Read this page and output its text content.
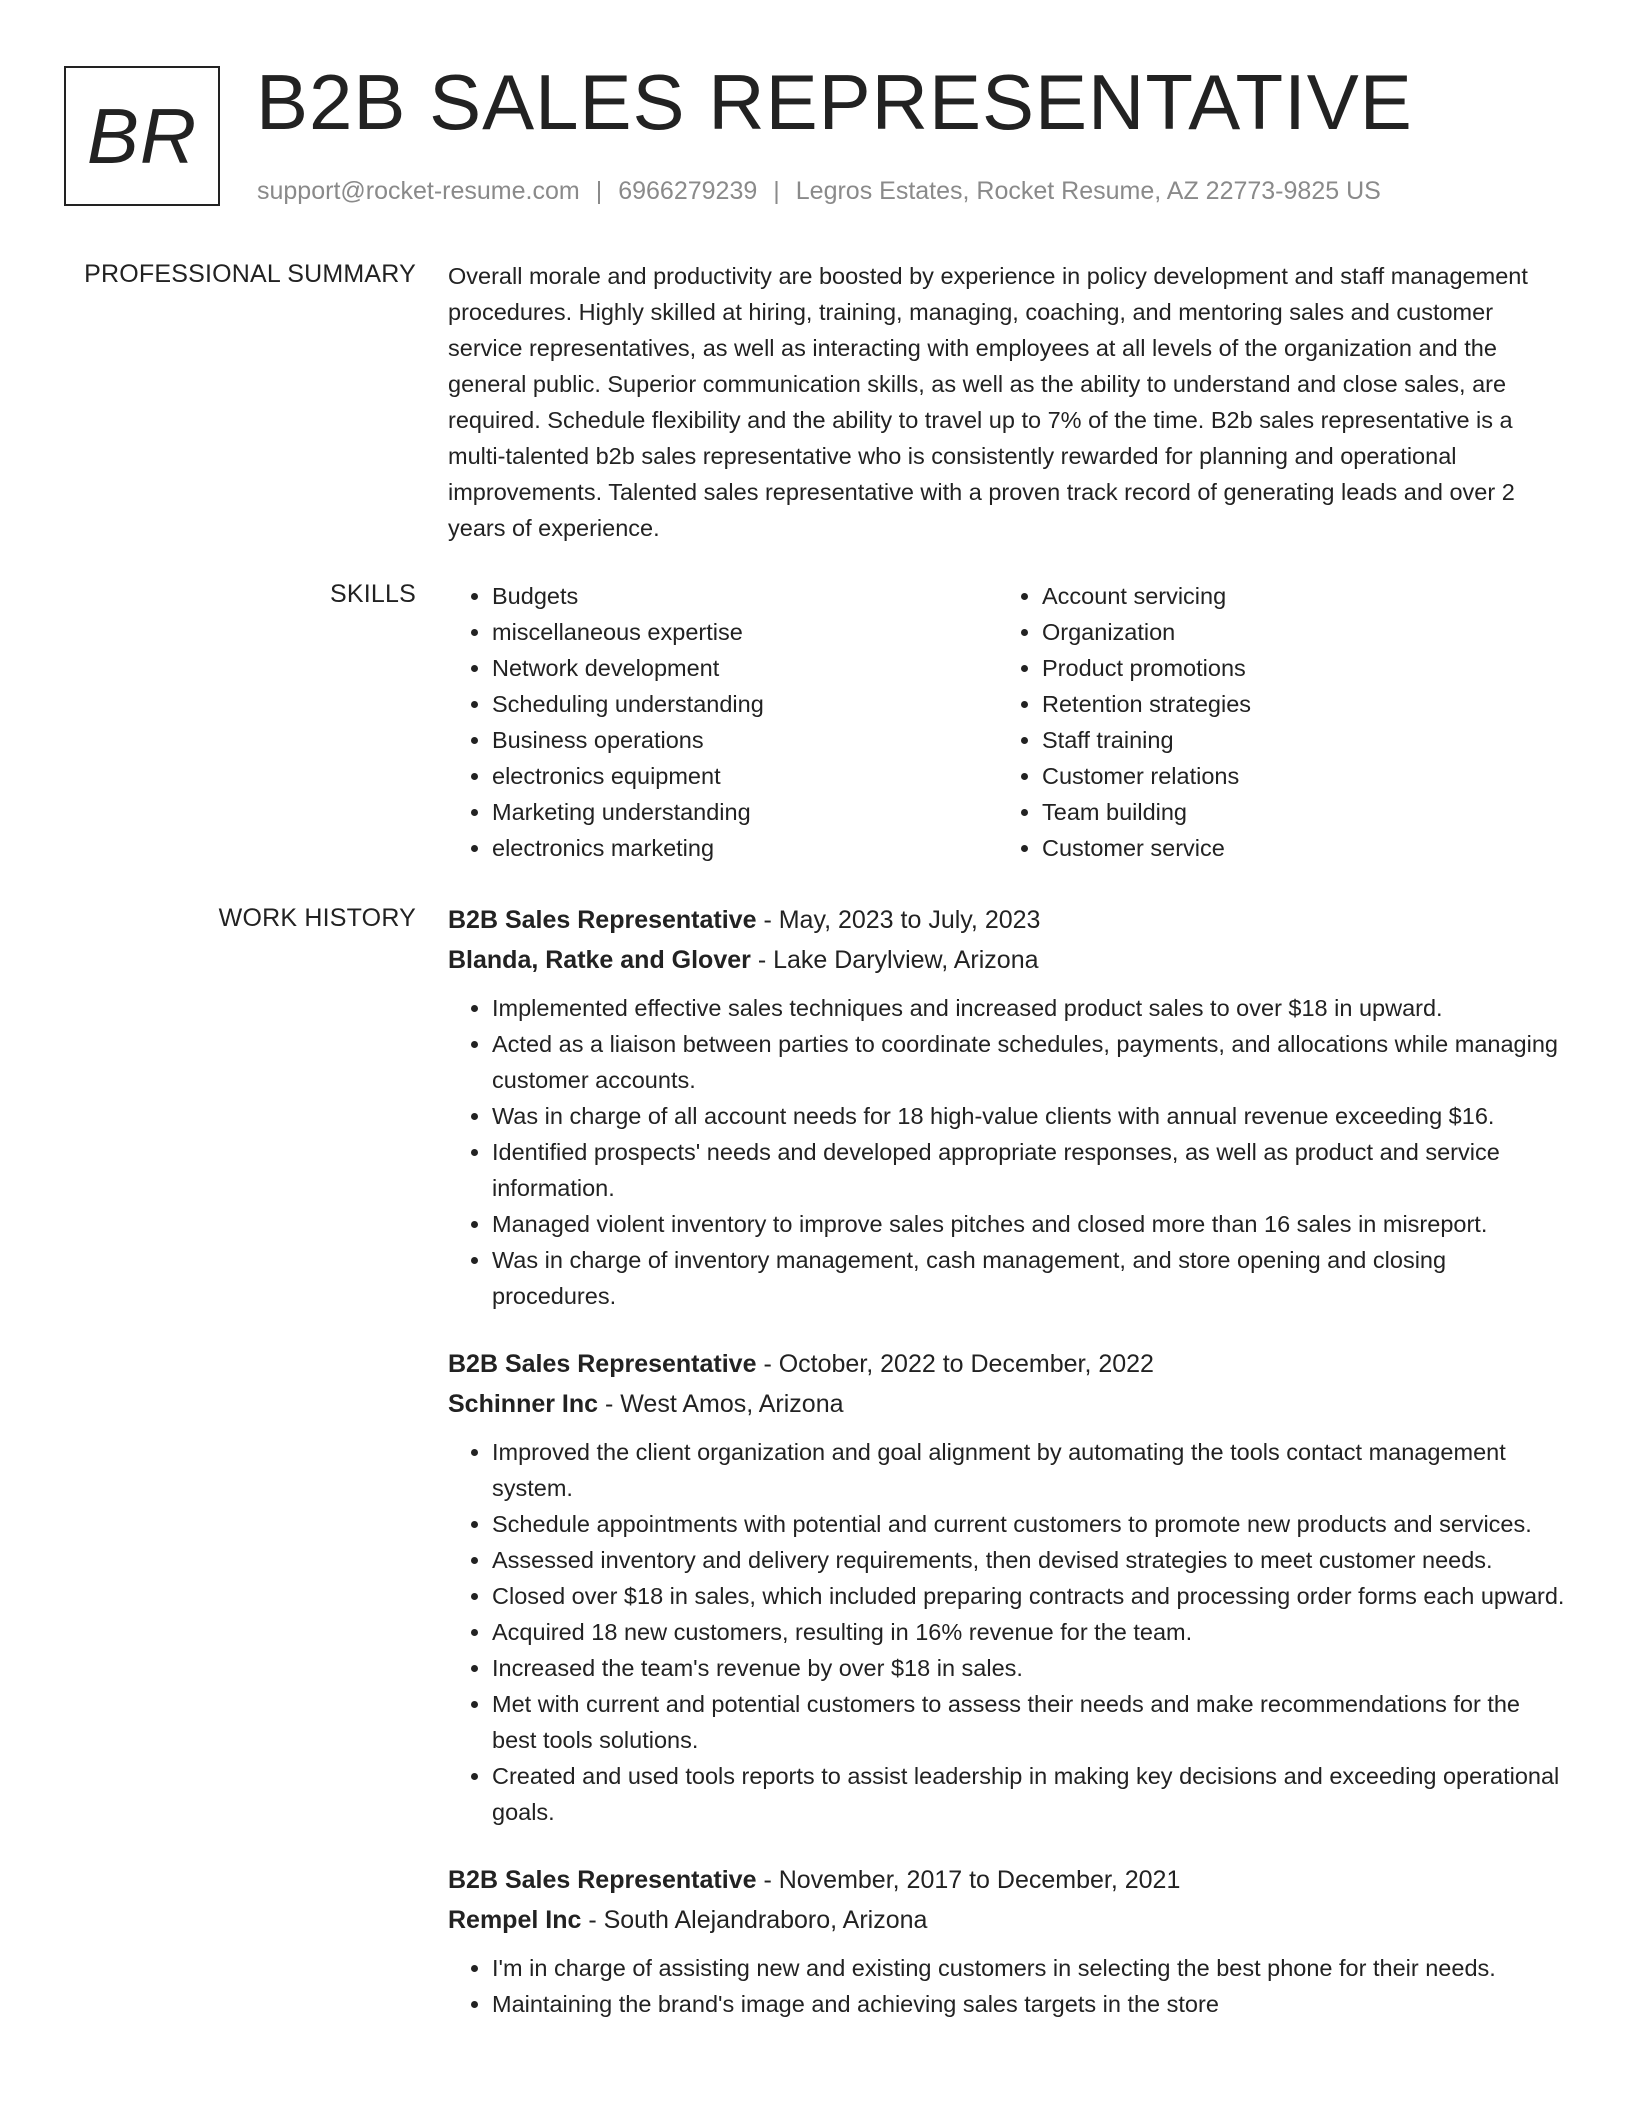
BR B2B SALES REPRESENTATIVE
support@rocket-resume.com | 6966279239 | Legros Estates, Rocket Resume, AZ 22773-9825 US
PROFESSIONAL SUMMARY Overall morale and productivity are boosted by experience in policy development and staff management procedures. Highly skilled at hiring, training, managing, coaching, and mentoring sales and customer service representatives, as well as interacting with employees at all levels of the organization and the general public. Superior communication skills, as well as the ability to understand and close sales, are required. Schedule flexibility and the ability to travel up to 7% of the time. B2b sales representative is a multi-talented b2b sales representative who is consistently rewarded for planning and operational improvements. Talented sales representative with a proven track record of generating leads and over 2 years of experience.

SKILLS
•	Budgets
• miscellaneous expertise
• Network development
• Scheduling understanding
• Business operations
• electronics equipment
• Marketing understanding
• electronics marketing
• Account servicing
• Organization
• Product promotions
• Retention strategies
• Staff training
• Customer relations
• Team building
• Customer service
WORK HISTORY B2B Sales Representative - May, 2023 to July, 2023
Blanda, Ratke and Glover - Lake Darylview, Arizona
• Implemented effective sales techniques and increased product sales to over $18 in upward.
• Acted as a liaison between parties to coordinate schedules, payments, and allocations while managing customer accounts.
• Was in charge of all account needs for 18 high-value clients with annual revenue exceeding $16.
• Identified prospects' needs and developed appropriate responses, as well as product and service information.
• Managed violent inventory to improve sales pitches and closed more than 16 sales in misreport.
• Was in charge of inventory management, cash management, and store opening and closing procedures.
B2B Sales Representative - October, 2022 to December, 2022
Schinner Inc - West Amos, Arizona
• Improved the client organization and goal alignment by automating the tools contact management system.
• Schedule appointments with potential and current customers to promote new products and services.
• Assessed inventory and delivery requirements, then devised strategies to meet customer needs.
• Closed over $18 in sales, which included preparing contracts and processing order forms each upward.
• Acquired 18 new customers, resulting in 16% revenue for the team.
• Increased the team's revenue by over $18 in sales.
• Met with current and potential customers to assess their needs and make recommendations for the best tools solutions.
• Created and used tools reports to assist leadership in making key decisions and exceeding operational goals.
B2B Sales Representative - November, 2017 to December, 2021
Rempel Inc - South Alejandraboro, Arizona
• I'm in charge of assisting new and existing customers in selecting the best phone for their needs.
• Maintaining the brand's image and achieving sales targets in the store
